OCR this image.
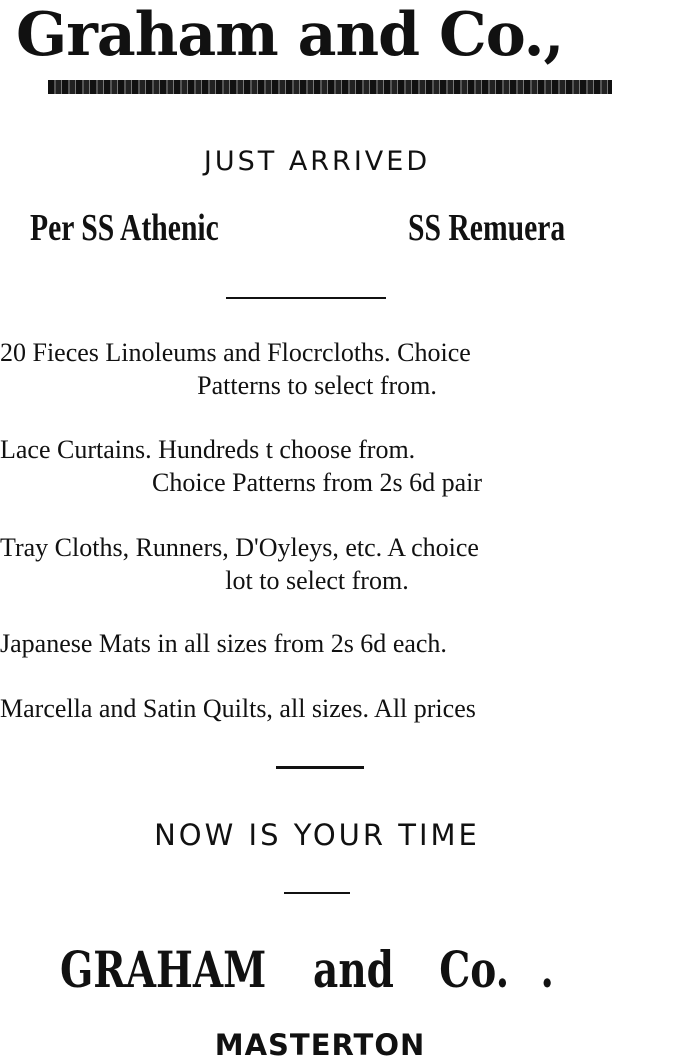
Graham and Co.,
JUST ARRIVED
Per SS Athenic	SS Remuera
20 Fieces Linoleums and Flocrcloths. Choice
Patterns to select from.
Lace Curtains. Hundreds t choose from.
Choice Patterns from 2s 6d pair
Tray Cloths, Runners, D'Oyleys, etc. A choice
lot to select from.
Japanese Mats in all sizes from 2s 6d each.
Marcella and Satin Quilts, all sizes. All prices
NOW IS YOUR TIME
GRAHAM and Co. .
MASTERTON
